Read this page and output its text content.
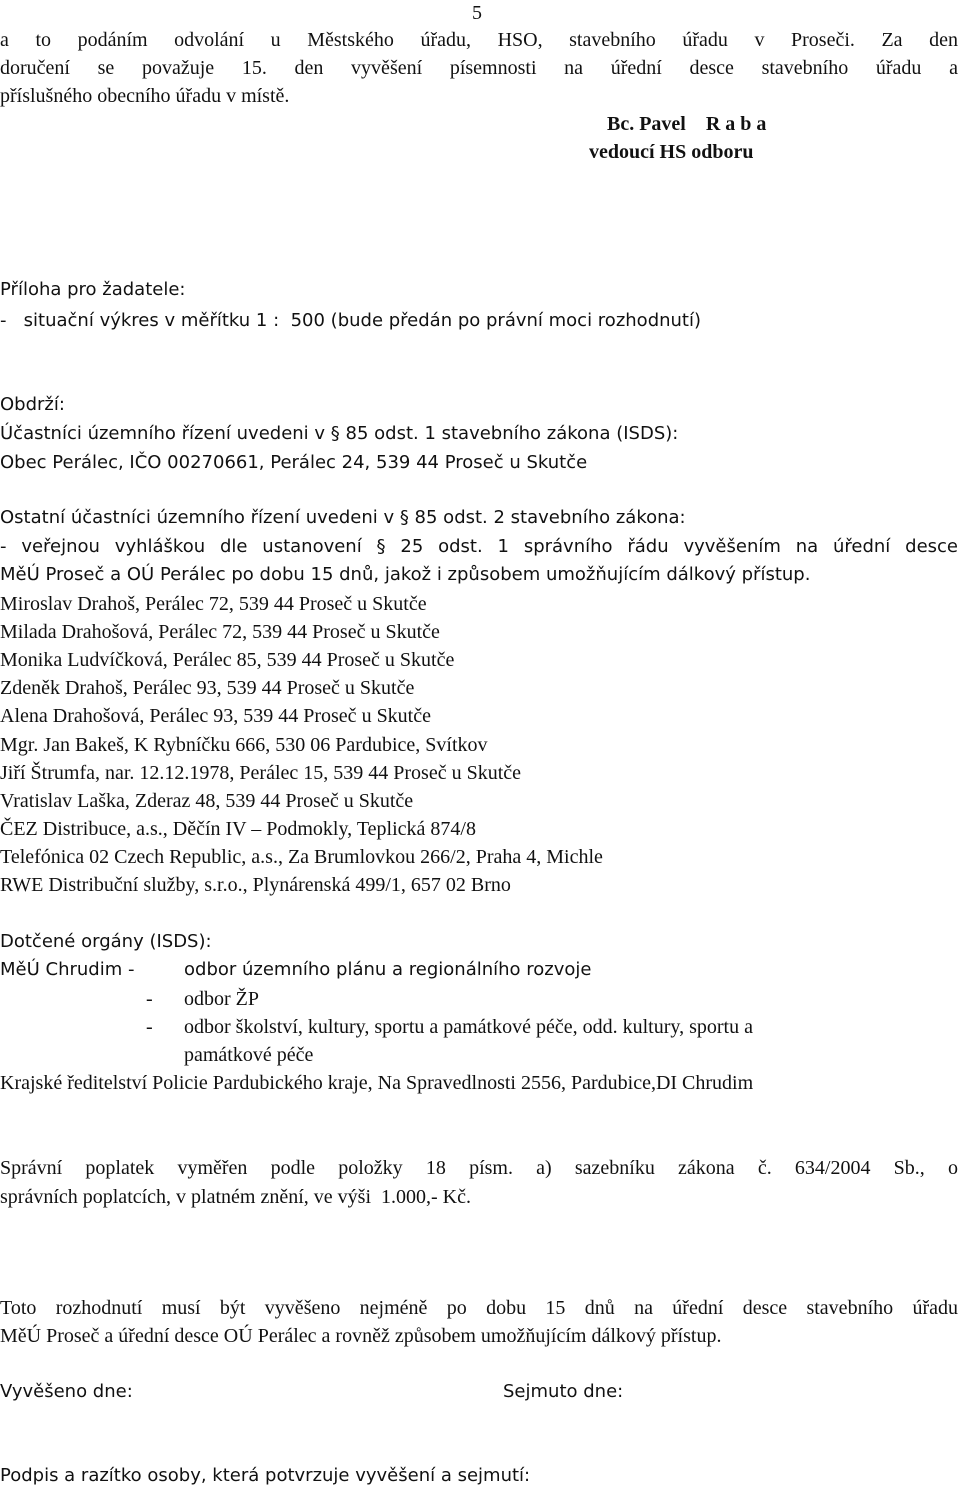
5
a to podáním odvolání u Městského úřadu, HSO, stavebního úřadu v Proseči. Za den
doručení se považuje 15. den vyvěšení písemnosti na úřední desce stavebního úřadu a
příslušného obecního úřadu v místě.
Bc. Pavel    R a b a
vedoucí HS odboru
Příloha pro žadatele:
-   situační výkres v měřítku 1 :  500 (bude předán po právní moci rozhodnutí)
Obdrží:
Účastníci územního řízení uvedeni v § 85 odst. 1 stavebního zákona (ISDS):
Obec Perálec, IČO 00270661, Perálec 24, 539 44 Proseč u Skutče
Ostatní účastníci územního řízení uvedeni v § 85 odst. 2 stavebního zákona:
- veřejnou vyhláškou dle ustanovení § 25 odst. 1 správního řádu vyvěšením na úřední desce
MěÚ Proseč a OÚ Perálec po dobu 15 dnů, jakož i způsobem umožňujícím dálkový přístup.
Miroslav Drahoš, Perálec 72, 539 44 Proseč u Skutče
Milada Drahošová, Perálec 72, 539 44 Proseč u Skutče
Monika Ludvíčková, Perálec 85, 539 44 Proseč u Skutče
Zdeněk Drahoš, Perálec 93, 539 44 Proseč u Skutče
Alena Drahošová, Perálec 93, 539 44 Proseč u Skutče
Mgr. Jan Bakeš, K Rybníčku 666, 530 06 Pardubice, Svítkov
Jiří Štrumfa, nar. 12.12.1978, Perálec 15, 539 44 Proseč u Skutče
Vratislav Laška, Zderaz 48, 539 44 Proseč u Skutče
ČEZ Distribuce, a.s., Děčín IV – Podmokly, Teplická 874/8
Telefónica 02 Czech Republic, a.s., Za Brumlovkou 266/2, Praha 4, Michle
RWE Distribuční služby, s.r.o., Plynárenská 499/1, 657 02 Brno
Dotčené orgány (ISDS):
MěÚ Chrudim -	odbor územního plánu a regionálního rozvoje
- odbor ŽP
- odbor školství, kultury, sportu a památkové péče, odd. kultury, sportu a
památkové péče
Krajské ředitelství Policie Pardubického kraje, Na Spravedlnosti 2556, Pardubice,DI Chrudim
Správní poplatek vyměřen podle položky 18 písm. a) sazebníku zákona č. 634/2004 Sb., o
správních poplatcích, v platném znění, ve výši  1.000,- Kč.
Toto rozhodnutí musí být vyvěšeno nejméně po dobu 15 dnů na úřední desce stavebního úřadu
MěÚ Proseč a úřední desce OÚ Perálec a rovněž způsobem umožňujícím dálkový přístup.
Vyvěšeno dne:	Sejmuto dne:
Podpis a razítko osoby, která potvrzuje vyvěšení a sejmutí:
